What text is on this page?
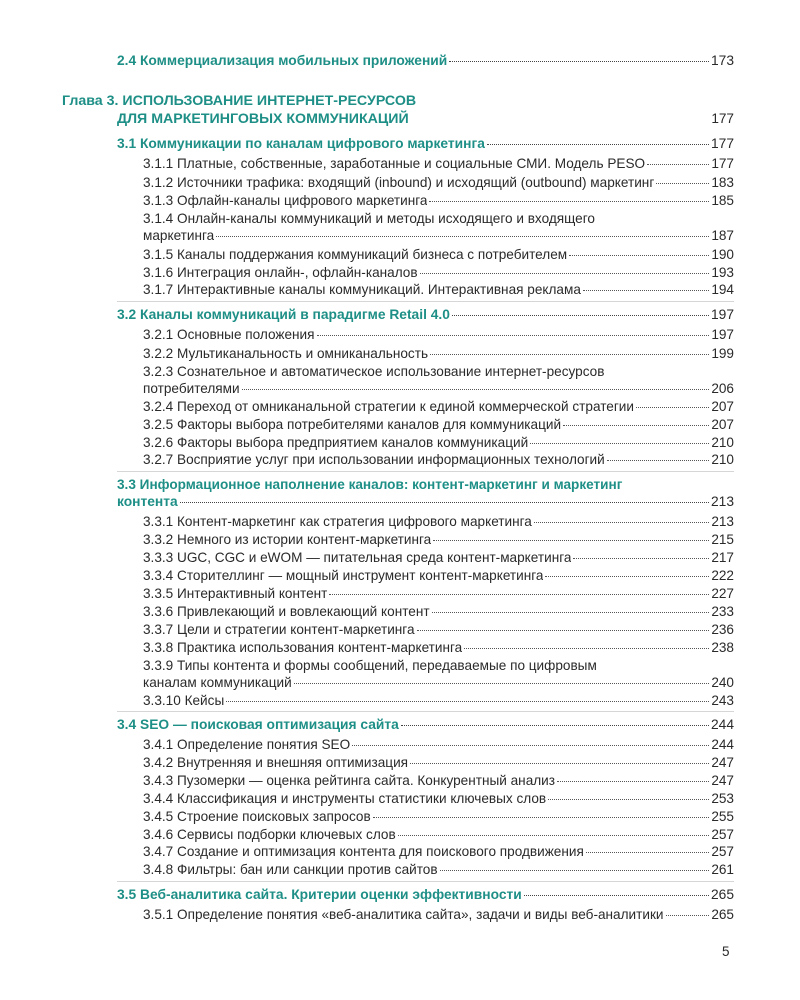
2.4 Коммерциализация мобильных приложений	173
Глава 3. ИСПОЛЬЗОВАНИЕ ИНТЕРНЕТ-РЕСУРСОВ
ДЛЯ МАРКЕТИНГОВЫХ КОММУНИКАЦИЙ	177
3.1 Коммуникации по каналам цифрового маркетинга	177
3.1.1 Платные, собственные, заработанные и социальные СМИ. Модель PESO	177
3.1.2 Источники трафика: входящий (inbound) и исходящий (outbound) маркетинг	183
3.1.3 Офлайн-каналы цифрового маркетинга	185
3.1.4 Онлайн-каналы коммуникаций и методы исходящего и входящего
маркетинга	187
3.1.5 Каналы поддержания коммуникаций бизнеса с потребителем	190
3.1.6 Интеграция онлайн-, офлайн-каналов	193
3.1.7 Интерактивные каналы коммуникаций. Интерактивная реклама	194
3.2 Каналы коммуникаций в парадигме Retail 4.0	197
3.2.1 Основные положения	197
3.2.2 Мультиканальность и омниканальность	199
3.2.3 Сознательное и автоматическое использование интернет-ресурсов
потребителями	206
3.2.4 Переход от омниканальной стратегии к единой коммерческой стратегии	207
3.2.5 Факторы выбора потребителями каналов для коммуникаций	207
3.2.6 Факторы выбора предприятием каналов коммуникаций	210
3.2.7 Восприятие услуг при использовании информационных технологий	210
3.3 Информационное наполнение каналов: контент-маркетинг и маркетинг
контента	213
3.3.1 Контент-маркетинг как стратегия цифрового маркетинга	213
3.3.2 Немного из истории контент-маркетинга	215
3.3.3 UGC, CGC и eWOM — питательная среда контент-маркетинга	217
3.3.4 Сторителлинг — мощный инструмент контент-маркетинга	222
3.3.5 Интерактивный контент	227
3.3.6 Привлекающий и вовлекающий контент	233
3.3.7 Цели и стратегии контент-маркетинга	236
3.3.8 Практика использования контент-маркетинга	238
3.3.9 Типы контента и формы сообщений, передаваемые по цифровым
каналам коммуникаций	240
3.3.10 Кейсы	243
3.4 SEO — поисковая оптимизация сайта	244
3.4.1 Определение понятия SEO	244
3.4.2 Внутренняя и внешняя оптимизация	247
3.4.3 Пузомерки — оценка рейтинга сайта. Конкурентный анализ	247
3.4.4 Классификация и инструменты статистики ключевых слов	253
3.4.5 Строение поисковых запросов	255
3.4.6 Сервисы подборки ключевых слов	257
3.4.7 Создание и оптимизация контента для поискового продвижения	257
3.4.8 Фильтры: бан или санкции против сайтов	261
3.5 Веб-аналитика сайта. Критерии оценки эффективности	265
3.5.1 Определение понятия «веб-аналитика сайта», задачи и виды веб-аналитики	265
5
